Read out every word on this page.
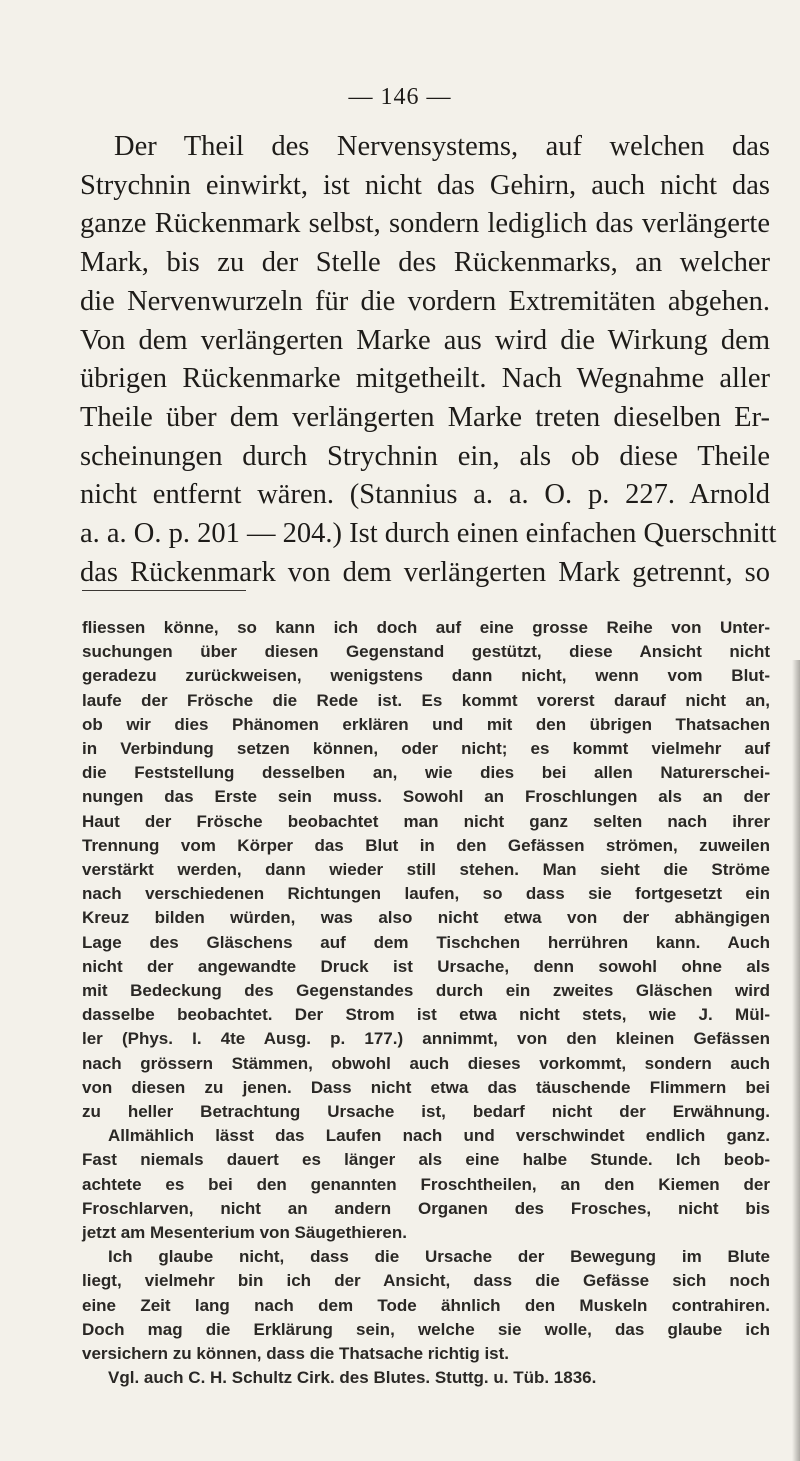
— 146 —
Der Theil des Nervensystems, auf welchen das
Strychnin einwirkt, ist nicht das Gehirn, auch nicht das
ganze Rückenmark selbst, sondern lediglich das verlängerte
Mark, bis zu der Stelle des Rückenmarks, an welcher
die Nervenwurzeln für die vordern Extremitäten abgehen.
Von dem verlängerten Marke aus wird die Wirkung dem
übrigen Rückenmarke mitgetheilt. Nach Wegnahme aller
Theile über dem verlängerten Marke treten dieselben Er-
scheinungen durch Strychnin ein, als ob diese Theile
nicht entfernt wären. (Stannius a. a. O. p. 227. Arnold
a. a. O. p. 201 — 204.) Ist durch einen einfachen Querschnitt
das Rückenmark von dem verlängerten Mark getrennt, so
fliessen könne, so kann ich doch auf eine grosse Reihe von Unter-
suchungen über diesen Gegenstand gestützt, diese Ansicht nicht
geradezu zurückweisen, wenigstens dann nicht, wenn vom Blut-
laufe der Frösche die Rede ist. Es kommt vorerst darauf nicht an,
ob wir dies Phänomen erklären und mit den übrigen Thatsachen
in Verbindung setzen können, oder nicht; es kommt vielmehr auf
die Feststellung desselben an, wie dies bei allen Naturerschei-
nungen das Erste sein muss. Sowohl an Froschlungen als an der
Haut der Frösche beobachtet man nicht ganz selten nach ihrer
Trennung vom Körper das Blut in den Gefässen strömen, zuweilen
verstärkt werden, dann wieder still stehen. Man sieht die Ströme
nach verschiedenen Richtungen laufen, so dass sie fortgesetzt ein
Kreuz bilden würden, was also nicht etwa von der abhängigen
Lage des Gläschens auf dem Tischchen herrühren kann. Auch
nicht der angewandte Druck ist Ursache, denn sowohl ohne als
mit Bedeckung des Gegenstandes durch ein zweites Gläschen wird
dasselbe beobachtet. Der Strom ist etwa nicht stets, wie J. Mül-
ler (Phys. I. 4te Ausg. p. 177.) annimmt, von den kleinen Gefässen
nach grössern Stämmen, obwohl auch dieses vorkommt, sondern auch
von diesen zu jenen. Dass nicht etwa das täuschende Flimmern bei
zu heller Betrachtung Ursache ist, bedarf nicht der Erwähnung.
Allmählich lässt das Laufen nach und verschwindet endlich ganz.
Fast niemals dauert es länger als eine halbe Stunde. Ich beob-
achtete es bei den genannten Froschtheilen, an den Kiemen der
Froschlarven, nicht an andern Organen des Frosches, nicht bis
jetzt am Mesenterium von Säugethieren.
Ich glaube nicht, dass die Ursache der Bewegung im Blute
liegt, vielmehr bin ich der Ansicht, dass die Gefässe sich noch
eine Zeit lang nach dem Tode ähnlich den Muskeln contrahiren.
Doch mag die Erklärung sein, welche sie wolle, das glaube ich
versichern zu können, dass die Thatsache richtig ist.
Vgl. auch C. H. Schultz Cirk. des Blutes. Stuttg. u. Tüb. 1836.
